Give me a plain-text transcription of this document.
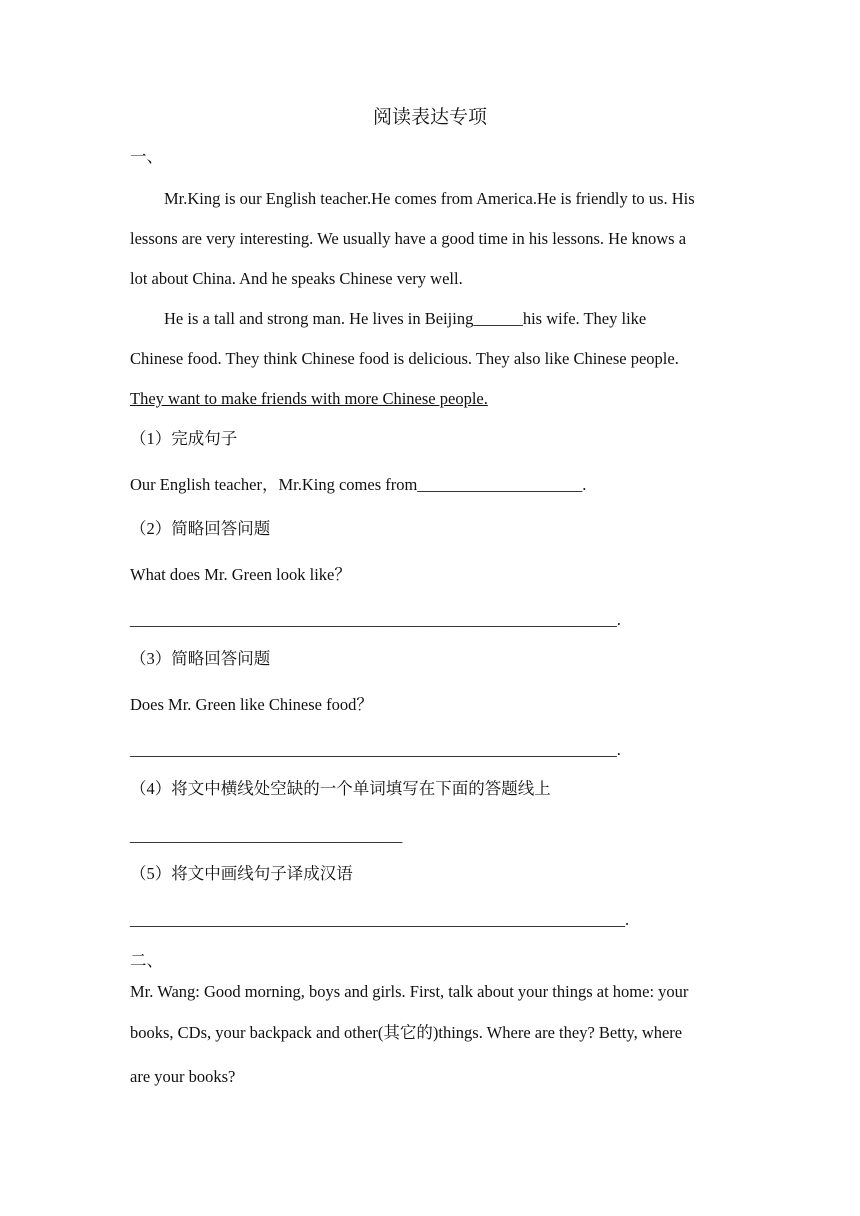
阅读表达专项
一、
Mr.King is our English teacher.He comes from America.He is friendly to us. His
lessons are very interesting. We usually have a good time in his lessons. He knows a
lot about China. And he speaks Chinese very well.
He is a tall and strong man. He lives in Beijing______his wife. They like
Chinese food. They think Chinese food is delicious. They also like Chinese people.
They want to make friends with more Chinese people.
（1）完成句子
Our English teacher，Mr.King comes from____________________.
（2）简略回答问题
What does Mr. Green look like？
___________________________________________________________.
（3）简略回答问题
Does Mr. Green like Chinese food？
___________________________________________________________.
（4）将文中横线处空缺的一个单词填写在下面的答题线上
_________________________________
（5）将文中画线句子译成汉语
____________________________________________________________.
二、
Mr. Wang: Good morning, boys and girls. First, talk about your things at home: your
books, CDs, your backpack and other(其它的)things. Where are they? Betty, where
are your books?
